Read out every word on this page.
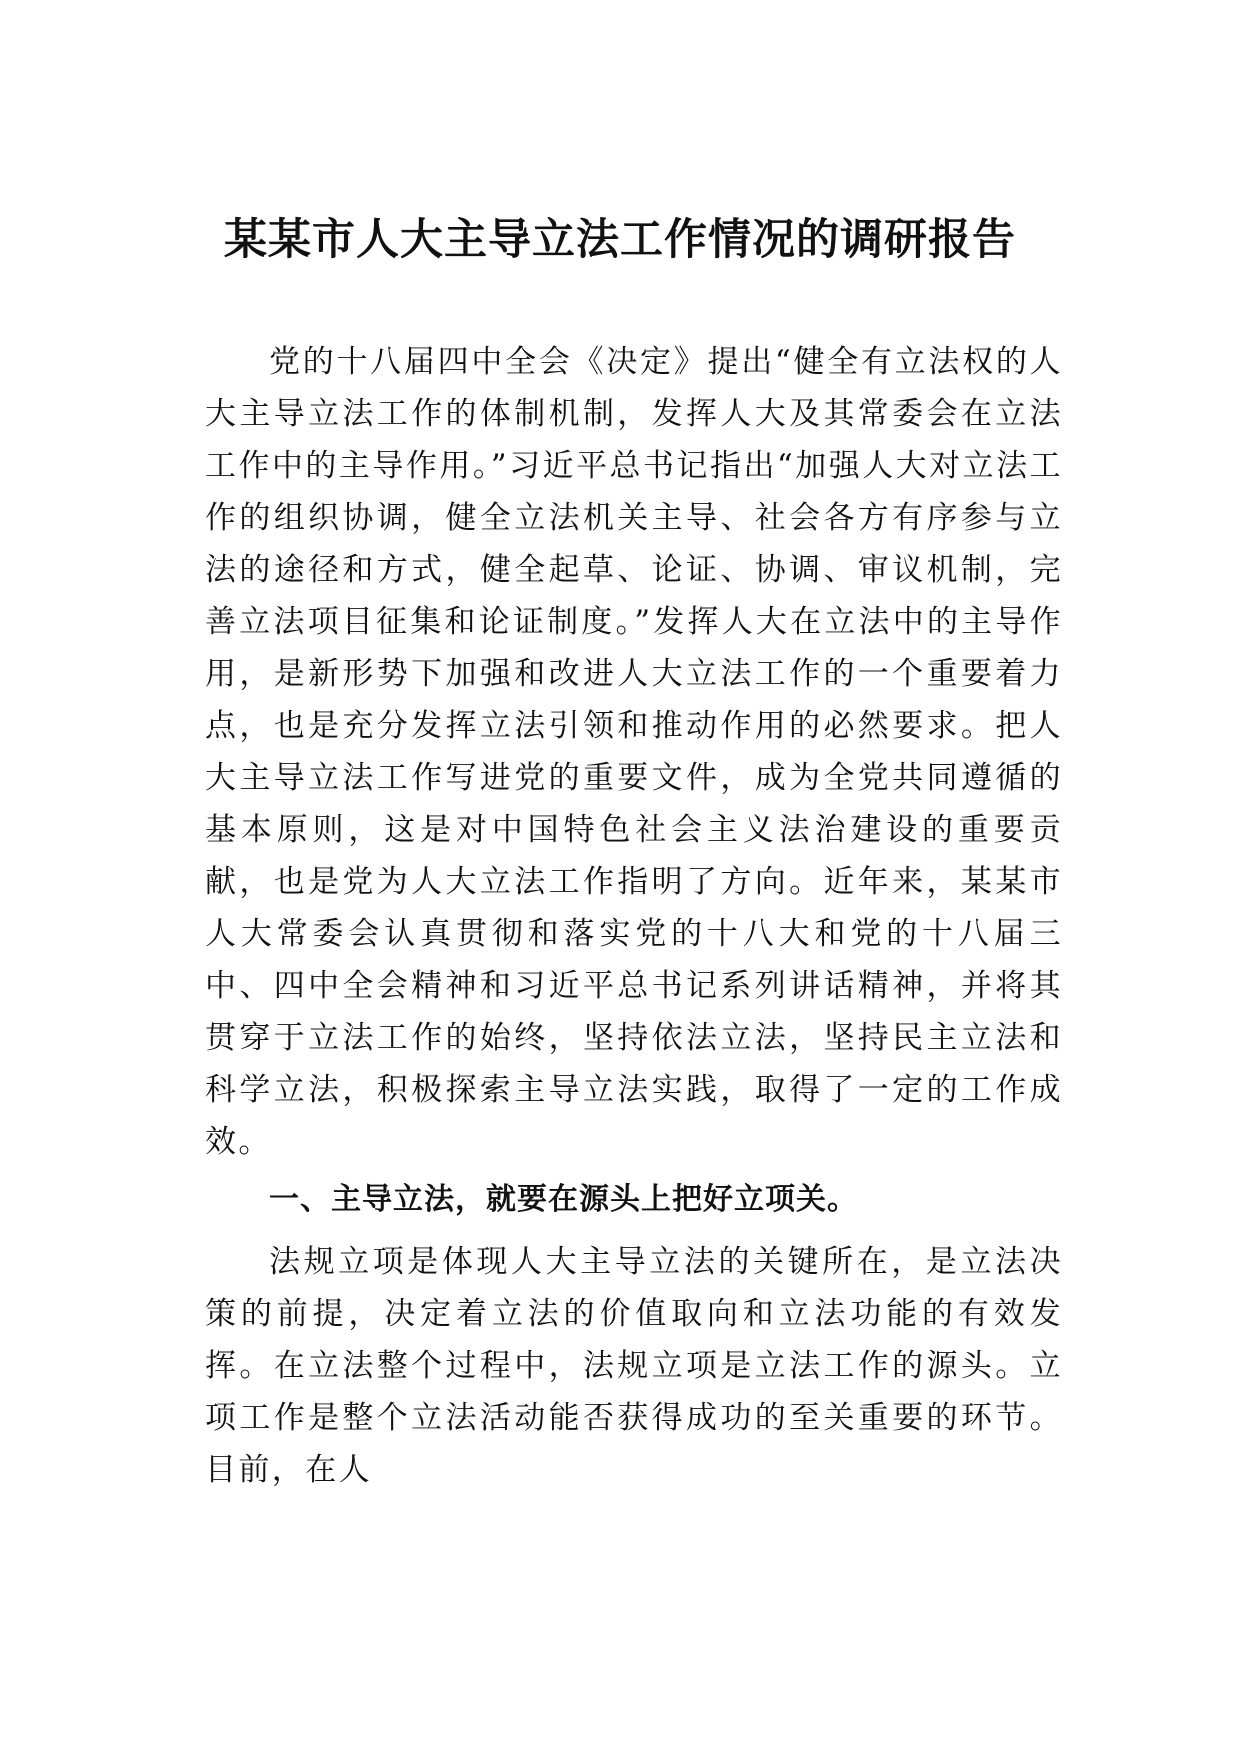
某某市人大主导立法工作情况的调研报告

党的十八届四中全会《决定》提出“健全有立法权的人大主导立法工作的体制机制，发挥人大及其常委会在立法工作中的主导作用。”习近平总书记指出“加强人大对立法工作的组织协调，健全立法机关主导、社会各方有序参与立法的途径和方式，健全起草、论证、协调、审议机制，完善立法项目征集和论证制度。”发挥人大在立法中的主导作用，是新形势下加强和改进人大立法工作的一个重要着力点，也是充分发挥立法引领和推动作用的必然要求。把人大主导立法工作写进党的重要文件，成为全党共同遵循的基本原则，这是对中国特色社会主义法治建设的重要贡献，也是党为人大立法工作指明了方向。近年来，某某市人大常委会认真贯彻和落实党的十八大和党的十八届三中、四中全会精神和习近平总书记系列讲话精神，并将其贯穿于立法工作的始终，坚持依法立法，坚持民主立法和科学立法，积极探索主导立法实践，取得了一定的工作成效。

一、主导立法，就要在源头上把好立项关。

法规立项是体现人大主导立法的关键所在，是立法决策的前提，决定着立法的价值取向和立法功能的有效发挥。在立法整个过程中，法规立项是立法工作的源头。立项工作是整个立法活动能否获得成功的至关重要的环节。目前，在人
